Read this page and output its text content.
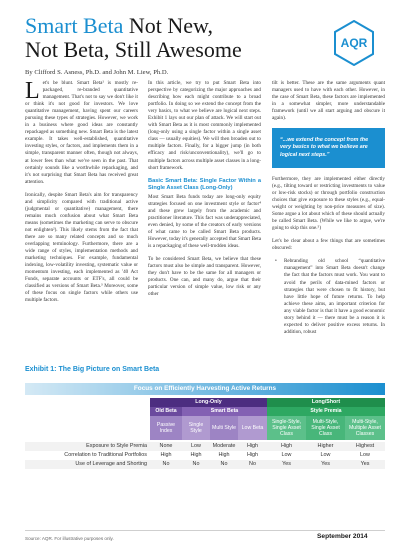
Smart Beta Not New,
Not Beta, Still Awesome	AQR
By Clifford S. Asness, Ph.D. and John M. Liew, Ph.D.

Let's be blunt. Smart Beta¹ is mostly re-packaged, re-branded quantitative management. That's not to say we don't like it or think it's not good for investors. We love quantitative management, having spent our careers pursuing these types of strategies. However, we work in a business where good ideas are constantly repackaged as something new. Smart Beta is the latest example. It takes well-established, quantitative investing styles, or factors, and implements them in a simple, transparent manner often, though not always, at lower fees than what we've seen in the past. That certainly sounds like a worthwhile repackaging, and it's not surprising that Smart Beta has received great attention.

Ironically, despite Smart Beta's aim for transparency and simplicity compared with traditional active (judgmental or quantitative) management, there remains much confusion about what Smart Beta means (sometimes the marketing can serve to obscure not enlighten²). This likely stems from the fact that there are so many related concepts and so much overlapping terminology. Furthermore, there are a wide range of styles, implementation methods and marketing techniques. For example, fundamental indexing, low-volatility investing, systematic value or momentum investing, each implemented as '40 Act Funds, separate accounts or ETF's, all could be classified as versions of Smart Beta.³ Moreover, some of these focus on single factors while others use multiple factors.

In this article, we try to put Smart Beta into perspective by categorizing the major approaches and describing how each might contribute to a broad portfolio. In doing so we extend the concept from the very basics, to what we believe are logical next steps. Exhibit 1 lays out our plan of attack. We will start out with Smart Beta as it is most commonly implemented (long-only using a single factor within a single asset class — usually equities). We will then broaden out to multiple factors. Finally, for a bigger jump (in both efficacy and risk/unconventionality), we'll go to multiple factors across multiple asset classes in a long-short framework.

Basic Smart Beta: Single Factor Within a Single Asset Class (Long-Only)

Most Smart Beta funds today are long-only equity strategies focused on one investment style or factor⁴ and these grew largely from the academic and practitioner literature. This fact was underappreciated, even denied, by some of the creators of early versions of what came to be called Smart Beta products. However, today it's generally accepted that Smart Beta is a repackaging of these well-trodden ideas.

To be considered Smart Beta, we believe that these factors must also be simple and transparent. However, they don't have to be the same for all managers or products. One can, and many do, argue that their particular version of simple value, low risk or any other

tilt is better. These are the same arguments quant managers used to have with each other. However, in the case of Smart Beta, these factors are implemented in a somewhat simpler, more understandable framework (until we all start arguing and obscure it again).

“...we extend the concept from the very basics to what we believe are logical next steps.”

Furthermore, they are implemented either directly (e.g., tilting toward or restricting investments to value or low-risk stocks) or through portfolio construction choices that give exposure to these styles (e.g., equal-weight or weighting by non-price measures of size). Some argue a lot about which of these should actually be called Smart Beta. (While we like to argue, we're going to skip this one.⁵)

Let's be clear about a few things that are sometimes obscured:

• Rebranding old school “quantitative management” into Smart Beta doesn't change the fact that the factors must work. You want to avoid the perils of data-mined factors or strategies that were chosen to fit history, but have little hope of future returns. To help achieve these aims, an important criterion for any viable factor is that it have a good economic story behind it — there must be a reason it is expected to deliver positive excess returns. In addition, robust
Exhibit 1: The Big Picture on Smart Beta
Focus on Efficiently Harvesting Active Returns
Long-Only	Long/Short
Old Beta	Smart Beta	Style Premia
Passive Index
Single Style
Multi Style	Low Beta
Single-Style, Single Asset Class
Multi-Style, Single Asset Class
Multi-Style, Multiple Asset Classes
Exposure to Style Premia	None	Low	Moderate	High	High	Higher	Highest
Correlation to Traditional Portfolios	High	High	High	High	Low	Low	Low
Use of Leverage and Shorting	No	No	No	No	Yes	Yes	Yes
Source: AQR. For illustrative purposes only.	September 2014
